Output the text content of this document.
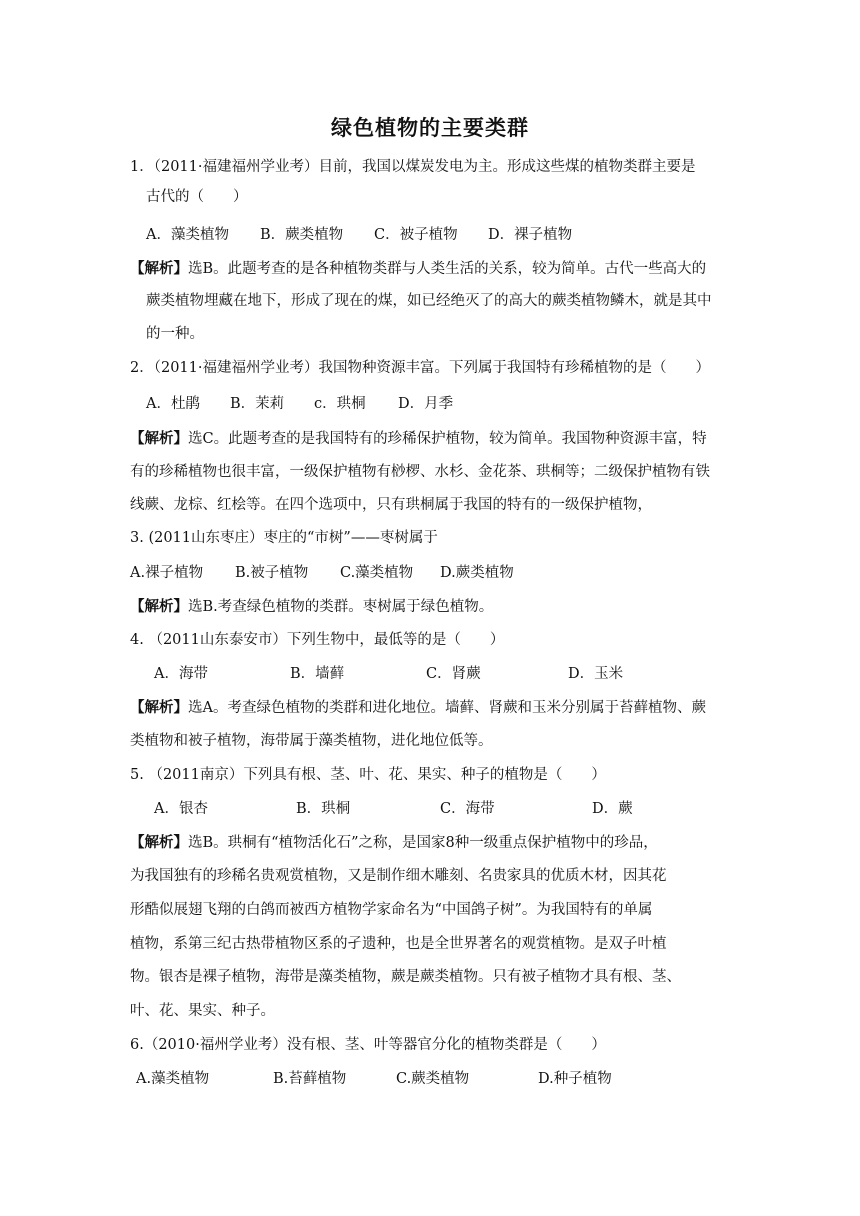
绿色植物的主要类群
1．（2011·福建福州学业考）目前，我国以煤炭发电为主。形成这些煤的植物类群主要是
古代的（　　）
A．藻类植物 B．蕨类植物 C．被子植物 D．裸子植物
【解析】选B。此题考查的是各种植物类群与人类生活的关系，较为简单。古代一些高大的
蕨类植物埋藏在地下，形成了现在的煤，如已经绝灭了的高大的蕨类植物鳞木，就是其中
的一种。
2．（2011·福建福州学业考）我国物种资源丰富。下列属于我国特有珍稀植物的是（　　）
A．杜鹃 B．茉莉 c．珙桐 D．月季
【解析】选C。此题考查的是我国特有的珍稀保护植物，较为简单。我国物种资源丰富，特
有的珍稀植物也很丰富，一级保护植物有桫椤、水杉、金花茶、珙桐等；二级保护植物有铁
线蕨、龙棕、红桧等。在四个选项中，只有珙桐属于我国的特有的一级保护植物，
3. (2011山东枣庄）枣庄的“市树”——枣树属于
A.裸子植物 B.被子植物 C.藻类植物 D.蕨类植物
【解析】选B.考查绿色植物的类群。枣树属于绿色植物。
4. （2011山东泰安市）下列生物中，最低等的是（　　）
A．海带	B．墙藓	C．肾蕨	D．玉米
【解析】选A。考查绿色植物的类群和进化地位。墙藓、肾蕨和玉米分别属于苔藓植物、蕨
类植物和被子植物，海带属于藻类植物，进化地位低等。
5. （2011南京）下列具有根、茎、叶、花、果实、种子的植物是（　　）
A．银杏	B．珙桐	C．海带	D．蕨
【解析】选B。珙桐有“植物活化石”之称，是国家8种一级重点保护植物中的珍品，
为我国独有的珍稀名贵观赏植物，又是制作细木雕刻、名贵家具的优质木材，因其花
形酷似展翅飞翔的白鸽而被西方植物学家命名为“中国鸽子树”。为我国特有的单属
植物，系第三纪古热带植物区系的孑遗种，也是全世界著名的观赏植物。是双子叶植
物。银杏是裸子植物，海带是藻类植物，蕨是蕨类植物。只有被子植物才具有根、茎、
叶、花、果实、种子。
6.（2010·福州学业考）没有根、茎、叶等器官分化的植物类群是（　　）
A.藻类植物	B.苔藓植物	C.蕨类植物	D.种子植物
